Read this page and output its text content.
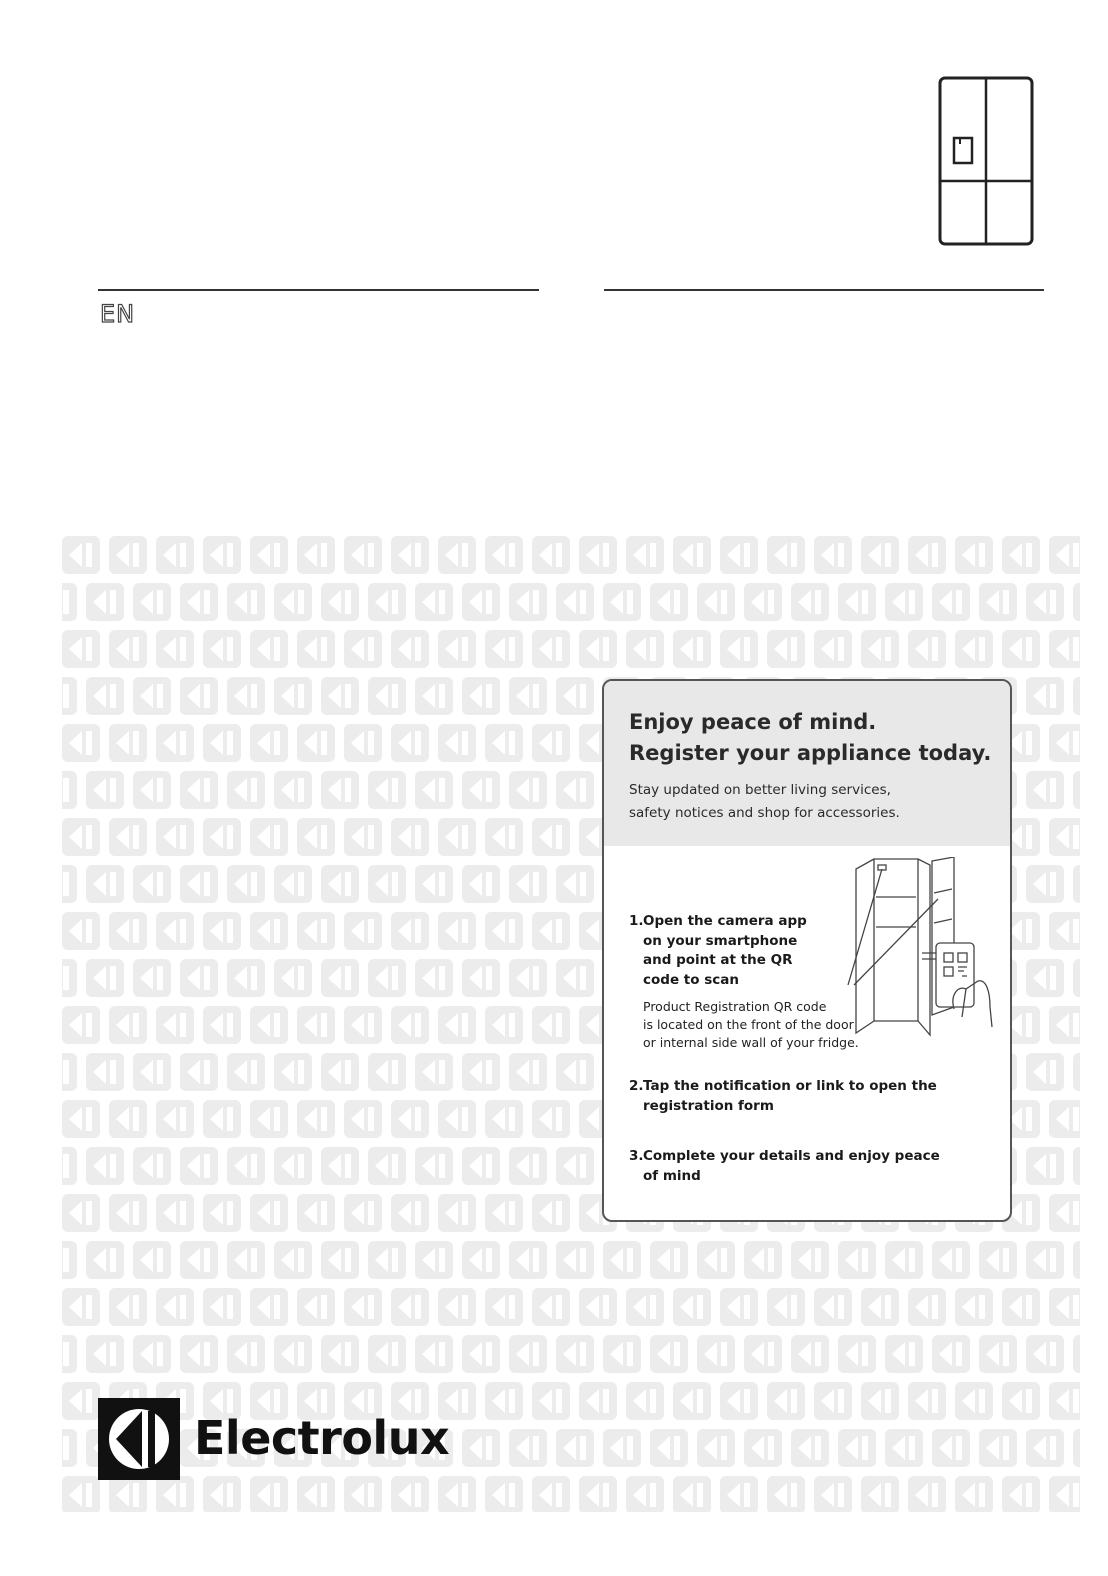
EN
Enjoy peace of mind.
Register your appliance today.
Stay updated on better living services,
safety notices and shop for accessories.
1.Open the camera app
on your smartphone
and point at the QR
code to scan
Product Registration QR code
is located on the front of the door
or internal side wall of your fridge.
2.Tap the notification or link to open the
registration form
3.Complete your details and enjoy peace
of mind
Electrolux
